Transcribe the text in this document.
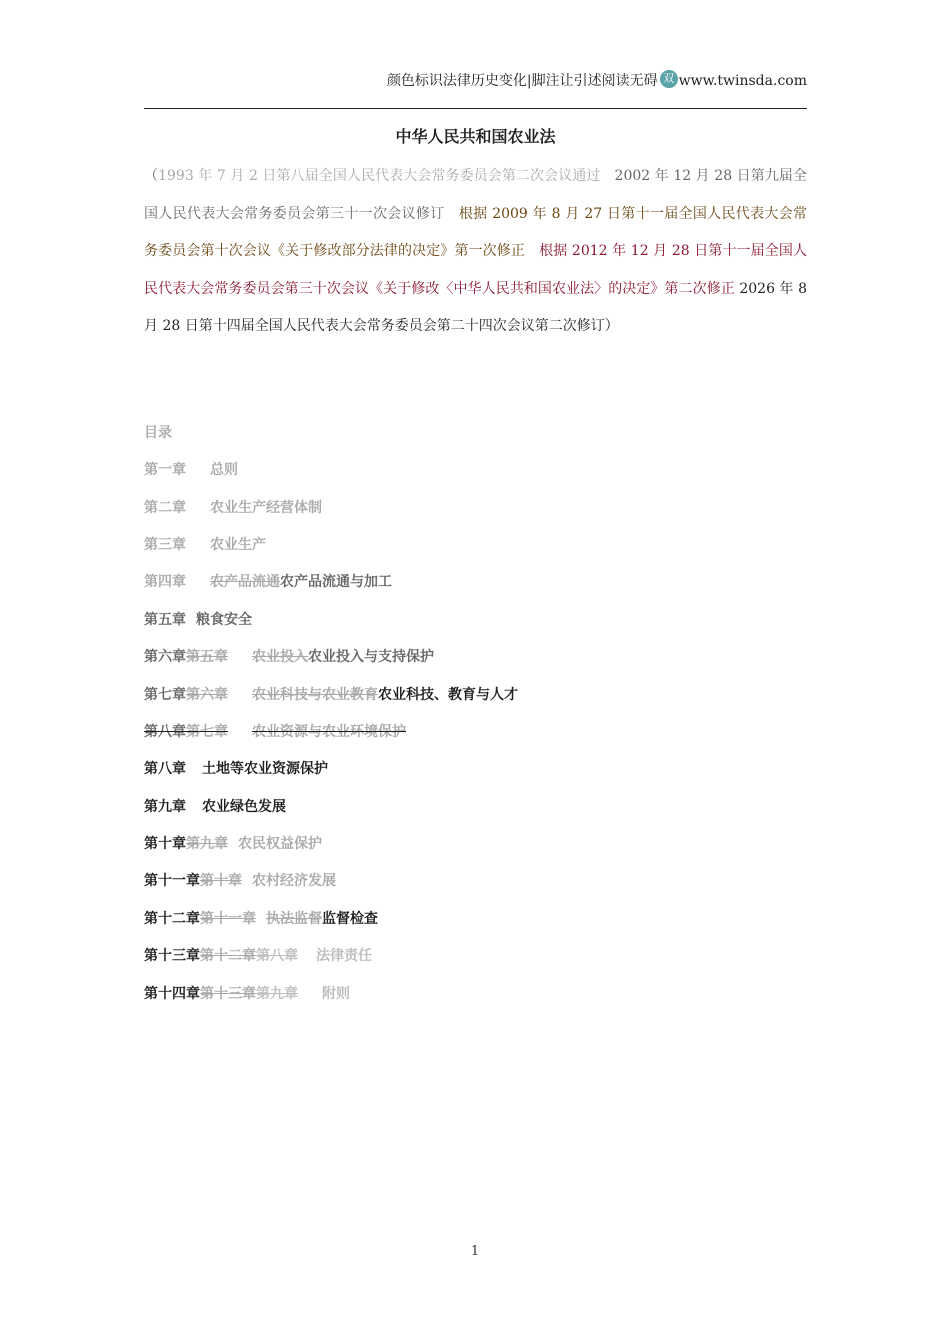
颜色标识法律历史变化|脚注让引述阅读无碍 双 www.twinsda.com
中华人民共和国农业法
（1993 年 7 月 2 日第八届全国人民代表大会常务委员会第二次会议通过　2002 年 12 月 28 日第九届全国人民代表大会常务委员会第三十一次会议修订　根据 2009 年 8 月 27 日第十一届全国人民代表大会常务委员会第十次会议《关于修改部分法律的决定》第一次修正　根据 2012 年 12 月 28 日第十一届全国人民代表大会常务委员会第三十次会议《关于修改〈中华人民共和国农业法〉的决定》第二次修正 2026 年 8 月 28 日第十四届全国人民代表大会常务委员会第二十四次会议第二次修订）
目录
第一章 总则
第二章 农业生产经营体制
第三章 农业生产
第四章 农产品流通农产品流通与加工
第五章 粮食安全
第六章第五章 农业投入农业投入与支持保护
第七章第六章 农业科技与农业教育农业科技、教育与人才
第八章第七章 农业资源与农业环境保护
第八章 土地等农业资源保护
第九章 农业绿色发展
第十章第九章 农民权益保护
第十一章第十章 农村经济发展
第十二章第十一章 执法监督监督检查
第十三章第十二章第八章 法律责任
第十四章第十三章第九章 附则
1
